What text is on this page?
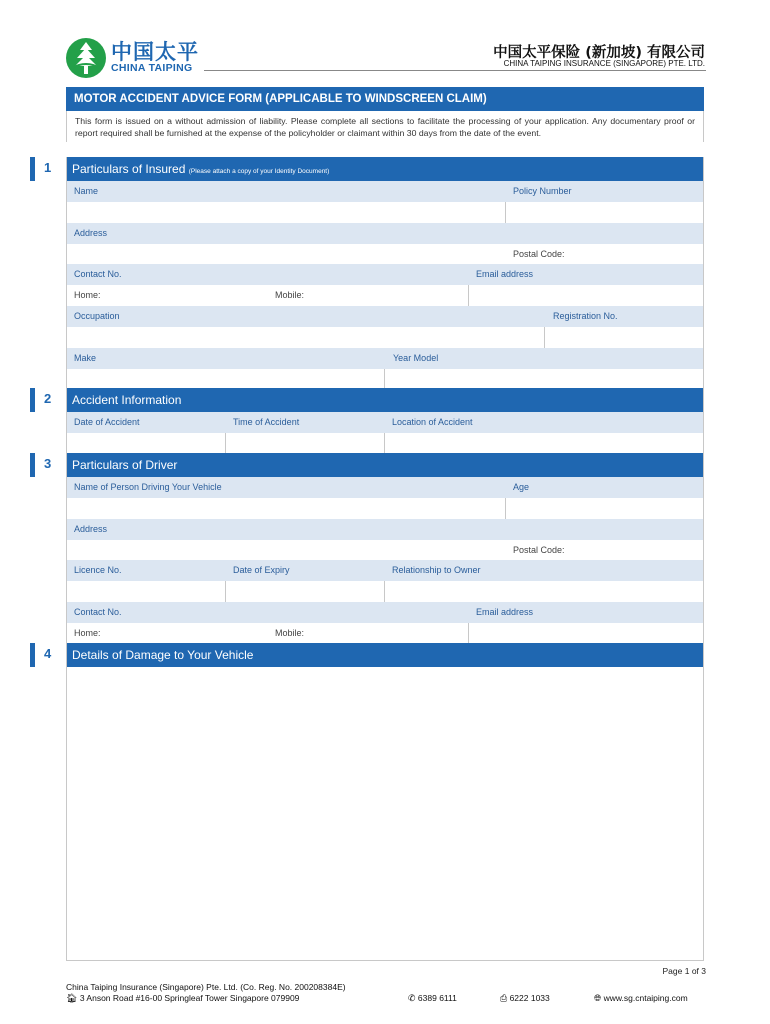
中国太平
CHINA TAIPING
中国太平保险 (新加坡) 有限公司
CHINA TAIPING INSURANCE (SINGAPORE) PTE. LTD.
MOTOR ACCIDENT ADVICE FORM (APPLICABLE TO WINDSCREEN CLAIM)
This form is issued on a without admission of liability. Please complete all sections to facilitate the processing of your application. Any documentary proof or report required shall be furnished at the expense of the policyholder or claimant within 30 days from the date of the event.
1	Particulars of Insured (Please attach a copy of your Identity Document)
Name	Policy Number
Address
Postal Code:
Contact No.	Email address
Home:	Mobile:
Occupation	Registration No.
Make	Year Model
2	Accident Information
Date of Accident	Time of Accident	Location of Accident
3	Particulars of Driver
Name of Person Driving Your Vehicle	Age
Address
Postal Code:
Licence No.	Date of Expiry	Relationship to Owner
Contact No.	Email address
Home:	Mobile:
4	Details of Damage to Your Vehicle
Page 1 of 3
China Taiping Insurance (Singapore) Pte. Ltd. (Co. Reg. No. 200208384E)
🏠︎ 3 Anson Road #16-00 Springleaf Tower Singapore 079909	✆ 6389 6111	⎙ 6222 1033	🌐︎ www.sg.cntaiping.com
